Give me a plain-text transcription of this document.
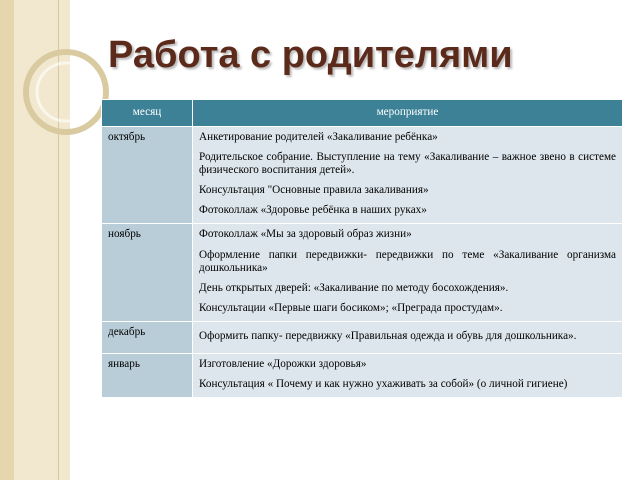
Работа с родителями
месяц	мероприятие
октябрь	Анкетирование родителей «Закаливание ребёнка»

Родительское собрание. Выступление на тему «Закаливание – важное звено в системе физического воспитания детей».

Консультация "Основные правила закаливания»

Фотоколлаж «Здоровье ребёнка в наших руках»

ноябрь	Фотоколлаж «Мы за здоровый образ жизни»

Оформление папки передвижки- передвижки по теме «Закаливание организма дошкольника»

День открытых дверей: «Закаливание по методу босохождения».

Консультации «Первые шаги босиком»; «Преграда простудам».

декабрь	Оформить папку- передвижку «Правильная одежда и обувь для дошкольника».

январь	Изготовление «Дорожки здоровья»

Консультация « Почему и как нужно ухаживать за собой» (о личной гигиене)
